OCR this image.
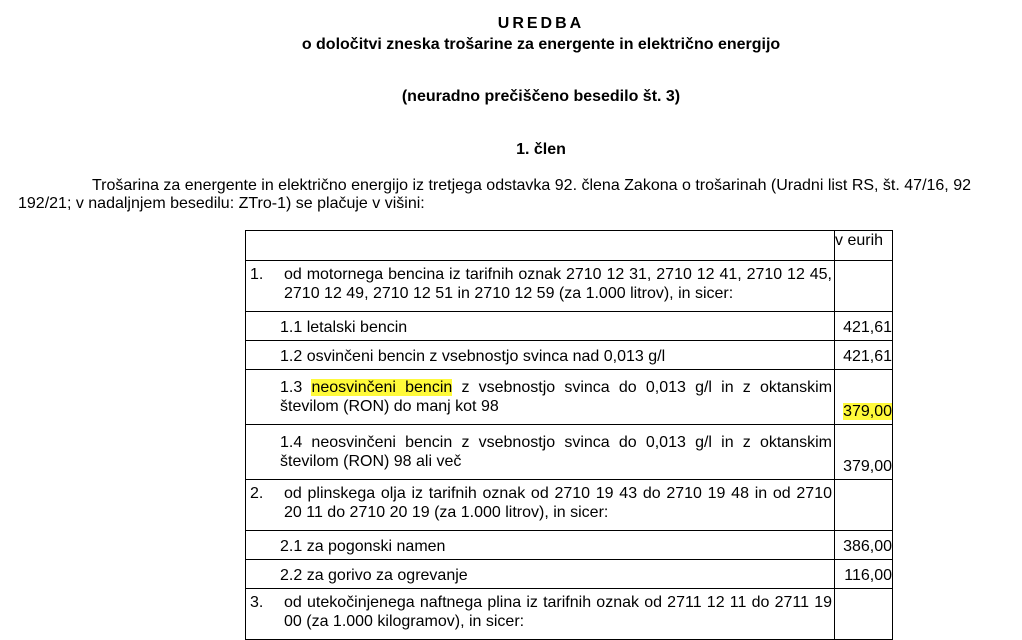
UREDBA
o določitvi zneska trošarine za energente in električno energijo
(neuradno prečiščeno besedilo št. 3)
1. člen
Trošarina za energente in električno energijo iz tretjega odstavka 92. člena Zakona o trošarinah (Uradni list RS, št. 47/16, 92
192/21; v nadaljnjem besedilu: ZTro-1) se plačuje v višini:
	v eurih

1. od motornega bencina iz tarifnih oznak 2710 12 31, 2710 12 41, 2710 12 45, 2710 12 49, 2710 12 51 in 2710 12 59 (za 1.000 litrov), in sicer:	

1.1 letalski bencin	421,61

1.2 osvinčeni bencin z vsebnostjo svinca nad 0,013 g/l	421,61

1.3 neosvinčeni bencin z vsebnostjo svinca do 0,013 g/l in z oktanskim številom (RON) do manj kot 98	379,00

1.4 neosvinčeni bencin z vsebnostjo svinca do 0,013 g/l in z oktanskim številom (RON) 98 ali več	379,00

2. od plinskega olja iz tarifnih oznak od 2710 19 43 do 2710 19 48 in od 2710 20 11 do 2710 20 19 (za 1.000 litrov), in sicer:	

2.1 za pogonski namen	386,00

2.2 za gorivo za ogrevanje	116,00

3. od utekočinjenega naftnega plina iz tarifnih oznak od 2711 12 11 do 2711 19 00 (za 1.000 kilogramov), in sicer:	
